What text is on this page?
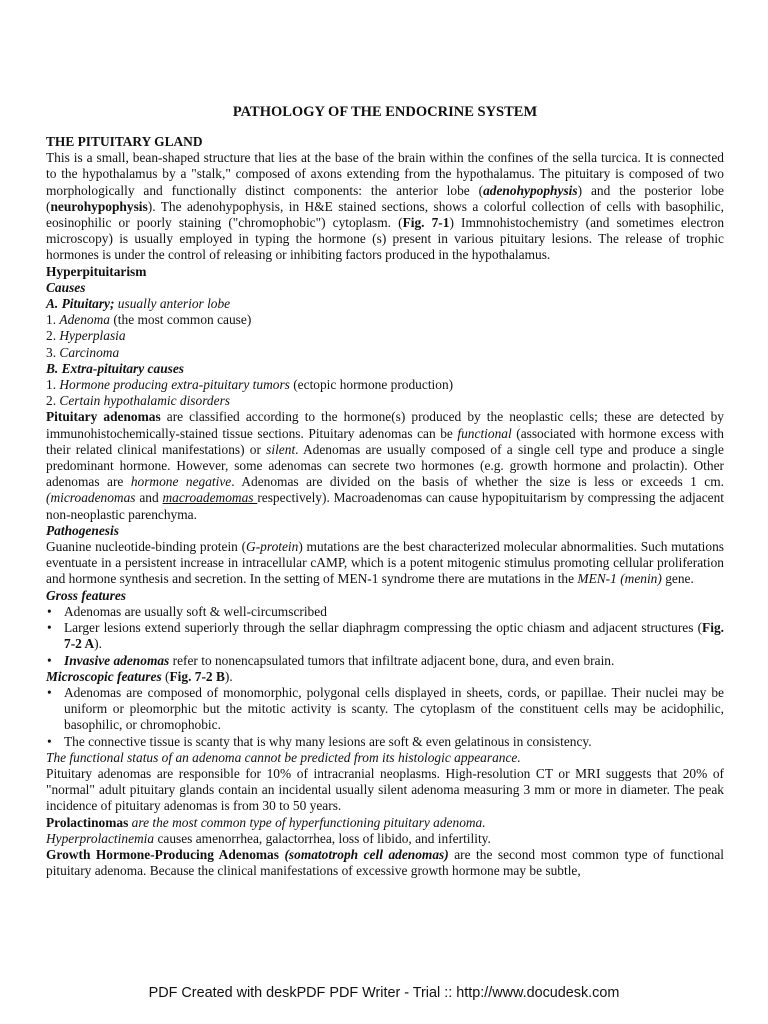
PATHOLOGY OF THE ENDOCRINE SYSTEM

THE PITUITARY GLAND

This is a small, bean-shaped structure that lies at the base of the brain within the confines of the sella turcica. It is connected to the hypothalamus by a "stalk," composed of axons extending from the hypothalamus. The pituitary is composed of two morphologically and functionally distinct components: the anterior lobe (adenohypophysis) and the posterior lobe (neurohypophysis). The adenohypophysis, in H&E stained sections, shows a colorful collection of cells with basophilic, eosinophilic or poorly staining ("chromophobic") cytoplasm. (Fig. 7-1) Immnohistochemistry (and sometimes electron microscopy) is usually employed in typing the hormone (s) present in various pituitary lesions. The release of trophic hormones is under the control of releasing or inhibiting factors produced in the hypothalamus.

Hyperpituitarism

Causes

A. Pituitary; usually anterior lobe

1. Adenoma (the most common cause)

2. Hyperplasia

3. Carcinoma

B. Extra-pituitary causes

1. Hormone producing extra-pituitary tumors (ectopic hormone production)

2. Certain hypothalamic disorders

Pituitary adenomas are classified according to the hormone(s) produced by the neoplastic cells; these are detected by immunohistochemically-stained tissue sections. Pituitary adenomas can be functional (associated with hormone excess with their related clinical manifestations) or silent. Adenomas are usually composed of a single cell type and produce a single predominant hormone. However, some adenomas can secrete two hormones (e.g. growth hormone and prolactin). Other adenomas are hormone negative. Adenomas are divided on the basis of whether the size is less or exceeds 1 cm. (microadenomas and macroademomas respectively). Macroadenomas can cause hypopituitarism by compressing the adjacent non-neoplastic parenchyma.

Pathogenesis

Guanine nucleotide-binding protein (G-protein) mutations are the best characterized molecular abnormalities. Such mutations eventuate in a persistent increase in intracellular cAMP, which is a potent mitogenic stimulus promoting cellular proliferation and hormone synthesis and secretion. In the setting of MEN-1 syndrome there are mutations in the MEN-1 (menin) gene.

Gross features

• Adenomas are usually soft & well-circumscribed
• Larger lesions extend superiorly through the sellar diaphragm compressing the optic chiasm and adjacent structures (Fig. 7-2 A).
• Invasive adenomas refer to nonencapsulated tumors that infiltrate adjacent bone, dura, and even brain.

Microscopic features (Fig. 7-2 B).

• Adenomas are composed of monomorphic, polygonal cells displayed in sheets, cords, or papillae. Their nuclei may be uniform or pleomorphic but the mitotic activity is scanty. The cytoplasm of the constituent cells may be acidophilic, basophilic, or chromophobic.
• The connective tissue is scanty that is why many lesions are soft & even gelatinous in consistency.

The functional status of an adenoma cannot be predicted from its histologic appearance.

Pituitary adenomas are responsible for 10% of intracranial neoplasms. High-resolution CT or MRI suggests that 20% of "normal" adult pituitary glands contain an incidental usually silent adenoma measuring 3 mm or more in diameter. The peak incidence of pituitary adenomas is from 30 to 50 years.

Prolactinomas are the most common type of hyperfunctioning pituitary adenoma.

Hyperprolactinemia causes amenorrhea, galactorrhea, loss of libido, and infertility.

Growth Hormone-Producing Adenomas (somatotroph cell adenomas) are the second most common type of functional pituitary adenoma. Because the clinical manifestations of excessive growth hormone may be subtle,

PDF Created with deskPDF PDF Writer - Trial :: http://www.docudesk.com
